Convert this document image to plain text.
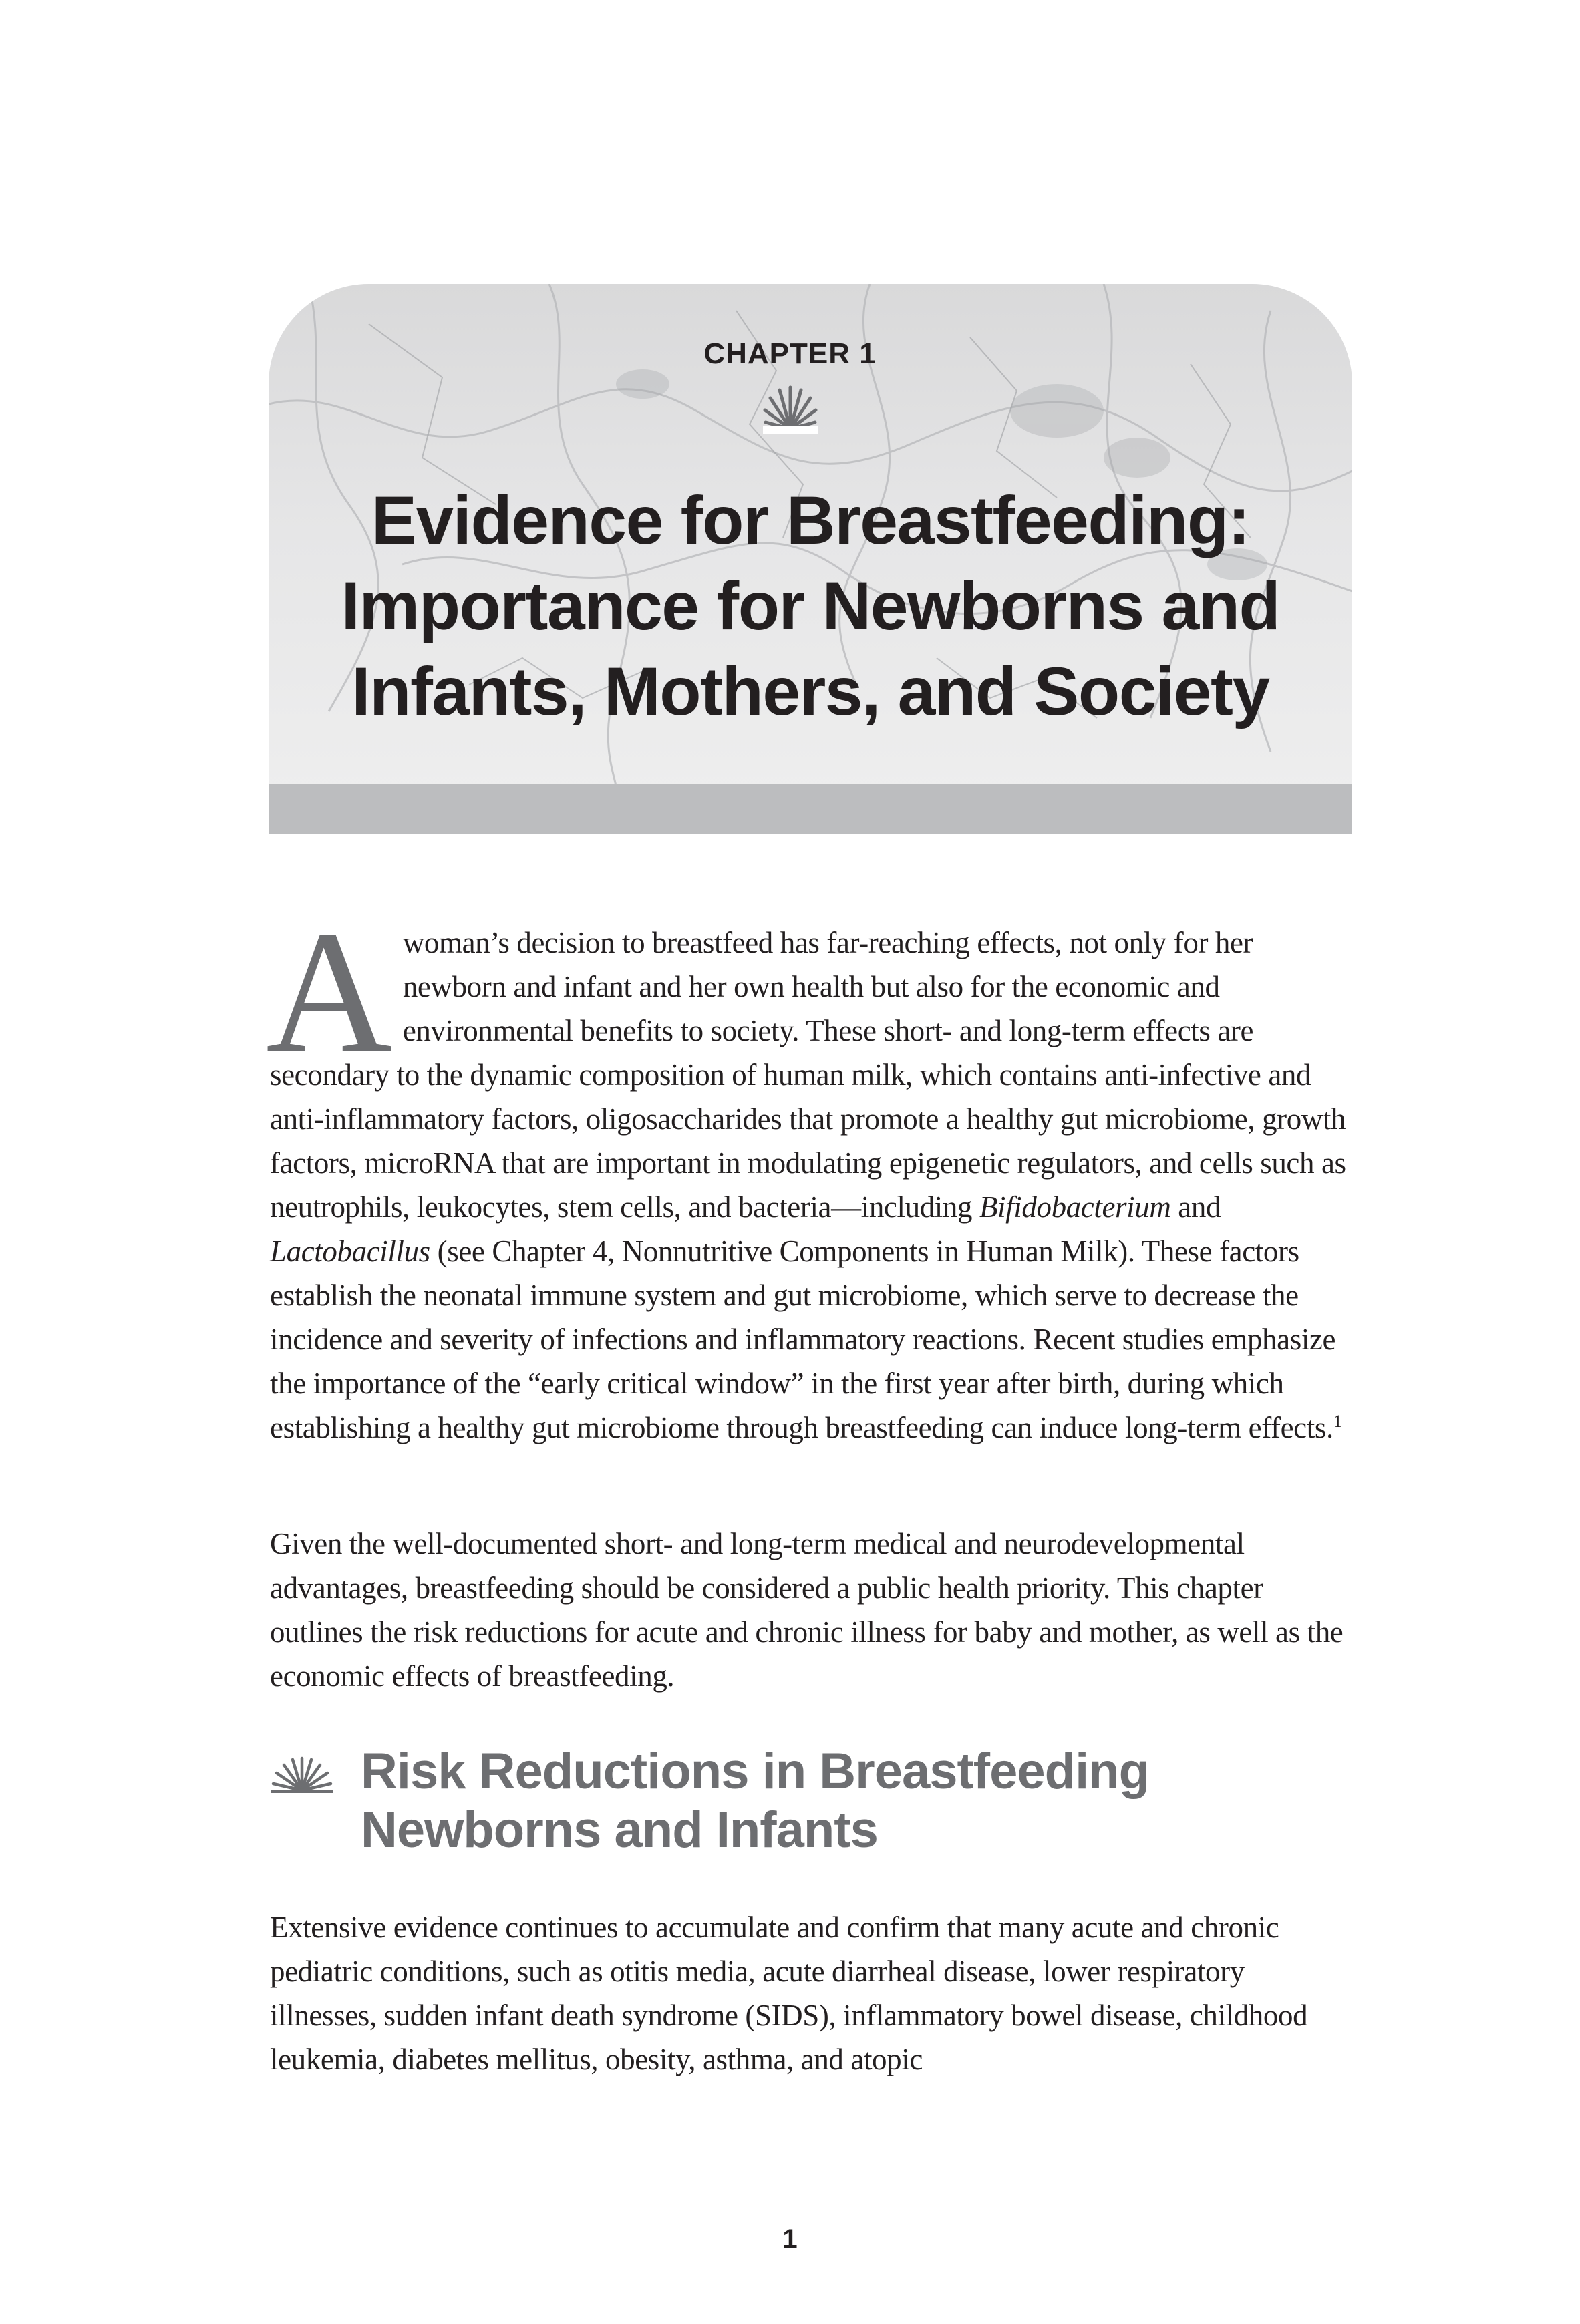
CHAPTER 1
Evidence for Breastfeeding:
Importance for Newborns and
Infants, Mothers, and Society

A woman’s decision to breastfeed has far-reaching effects, not only for her newborn and infant and her own health but also for the economic and environmental benefits to society. These short- and long-term effects are secondary to the dynamic composition of human milk, which contains anti-infective and anti-inflammatory factors, oligosaccharides that promote a healthy gut microbiome, growth factors, microRNA that are important in modulating epigenetic regulators, and cells such as neutrophils, leukocytes, stem cells, and bacteria—including Bifidobacterium and Lactobacillus (see Chapter 4, Nonnutritive Components in Human Milk). These factors establish the neonatal immune system and gut microbiome, which serve to decrease the incidence and severity of infections and inflammatory reactions. Recent studies emphasize the importance of the “early critical window” in the first year after birth, during which establishing a healthy gut microbiome through breastfeeding can induce long-term effects.$^1$

Given the well-documented short- and long-term medical and neurodevelopmental advantages, breastfeeding should be considered a public health priority. This chapter outlines the risk reductions for acute and chronic illness for baby and mother, as well as the economic effects of breastfeeding.

Risk Reductions in Breastfeeding
Newborns and Infants

Extensive evidence continues to accumulate and confirm that many acute and chronic pediatric conditions, such as otitis media, acute diarrheal disease, lower respiratory illnesses, sudden infant death syndrome (SIDS), inflammatory bowel disease, childhood leukemia, diabetes mellitus, obesity, asthma, and atopic

1
